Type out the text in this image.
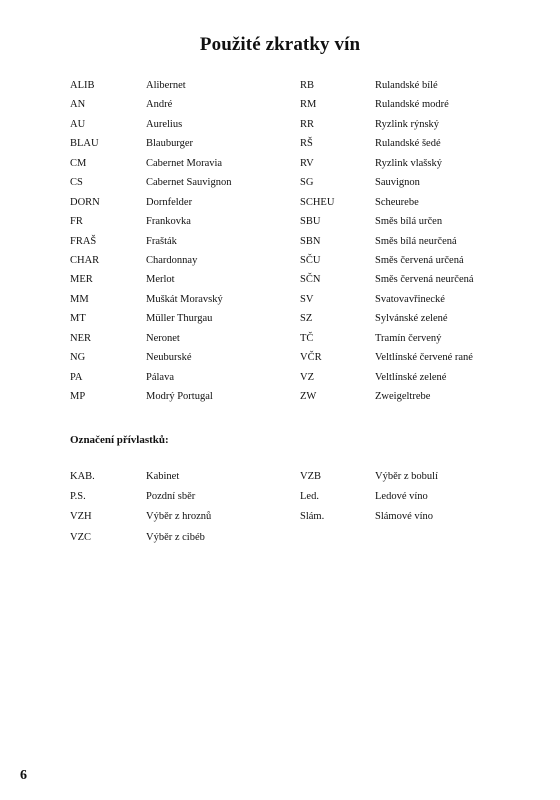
Použité zkratky vín
ALIB	Alibernet	RB	Rulandské bílé
AN	André	RM	Rulandské modré
AU	Aurelius	RR	Ryzlink rýnský
BLAU	Blauburger	RŠ	Rulandské šedé
CM	Cabernet Moravia	RV	Ryzlink vlašský
CS	Cabernet Sauvignon	SG	Sauvignon
DORN	Dornfelder	SCHEU	Scheurebe
FR	Frankovka	SBU	Směs bílá určen
FRAŠ	Frašták	SBN	Směs bílá neurčená
CHAR	Chardonnay	SČU	Směs červená určená
MER	Merlot	SČN	Směs červená neurčená
MM	Muškát Moravský	SV	Svatovavřinecké
MT	Müller Thurgau	SZ	Sylvánské zelené
NER	Neronet	TČ	Tramín červený
NG	Neuburské	VČR	Veltlínské červené rané
PA	Pálava	VZ	Veltlínské zelené
MP	Modrý Portugal	ZW	Zweigeltrebe
Označení přívlastků:
KAB.	Kabinet	VZB	Výběr z bobulí
P.S.	Pozdní sběr	Led.	Ledové víno
VZH	Výběr z hroznů	Slám.	Slámové víno
VZC	Výběr z cibéb
6
